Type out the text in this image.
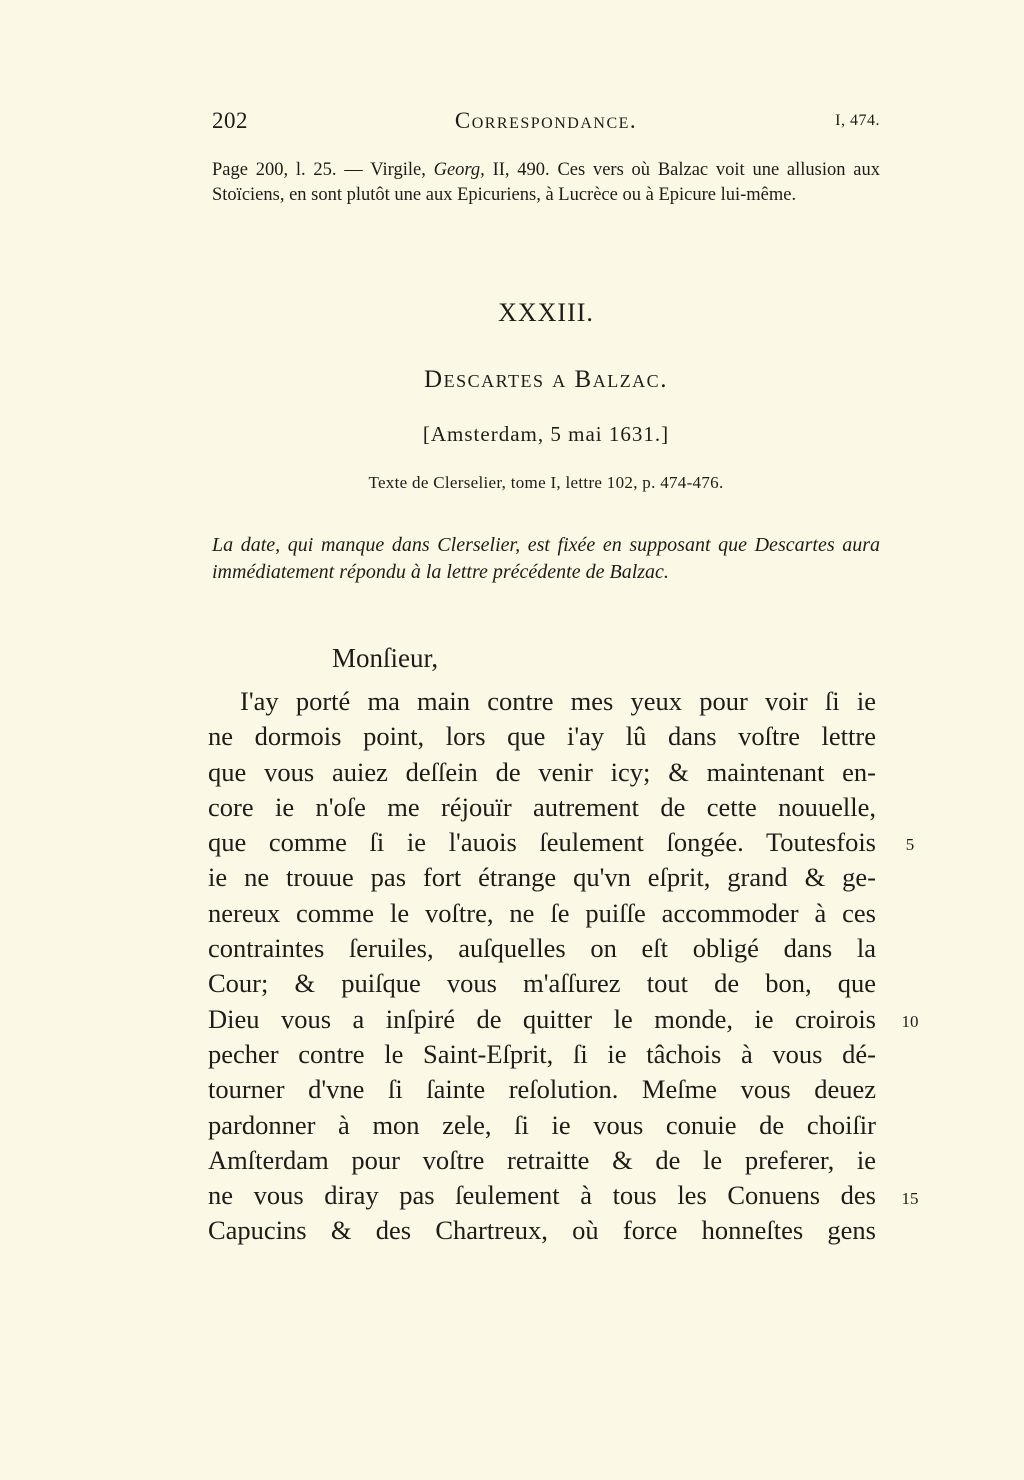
202	Correspondance.	I, 474.
Page 200, l. 25. — Virgile, Georg, II, 490. Ces vers où Balzac voit une allusion aux Stoïciens, en sont plutôt une aux Epicuriens, à Lucrèce ou à Epicure lui-même.
XXXIII.
Descartes a Balzac.
[Amsterdam, 5 mai 1631.]
Texte de Clerselier, tome I, lettre 102, p. 474-476.
La date, qui manque dans Clerselier, est fixée en supposant que Descartes aura immédiatement répondu à la lettre précédente de Balzac.
Monſieur,
I'ay porté ma main contre mes yeux pour voir ſi ie
ne dormois point, lors que i'ay lû dans voſtre lettre
que vous auiez deſſein de venir icy; & maintenant en-
core ie n'oſe me réjouïr autrement de cette nouuelle,
que comme ſi ie l'auois ſeulement ſongée. Toutesfois
ie ne trouue pas fort étrange qu'vn eſprit, grand & ge-
nereux comme le voſtre, ne ſe puiſſe accommoder à ces
contraintes ſeruiles, auſquelles on eſt obligé dans la
Cour; & puiſque vous m'aſſurez tout de bon, que
Dieu vous a inſpiré de quitter le monde, ie croirois
pecher contre le Saint-Eſprit, ſi ie tâchois à vous dé-
tourner d'vne ſi ſainte reſolution. Meſme vous deuez
pardonner à mon zele, ſi ie vous conuie de choiſir
Amſterdam pour voſtre retraitte & de le preferer, ie
ne vous diray pas ſeulement à tous les Conuens des
Capucins & des Chartreux, où force honneſtes gens
5
10
15
